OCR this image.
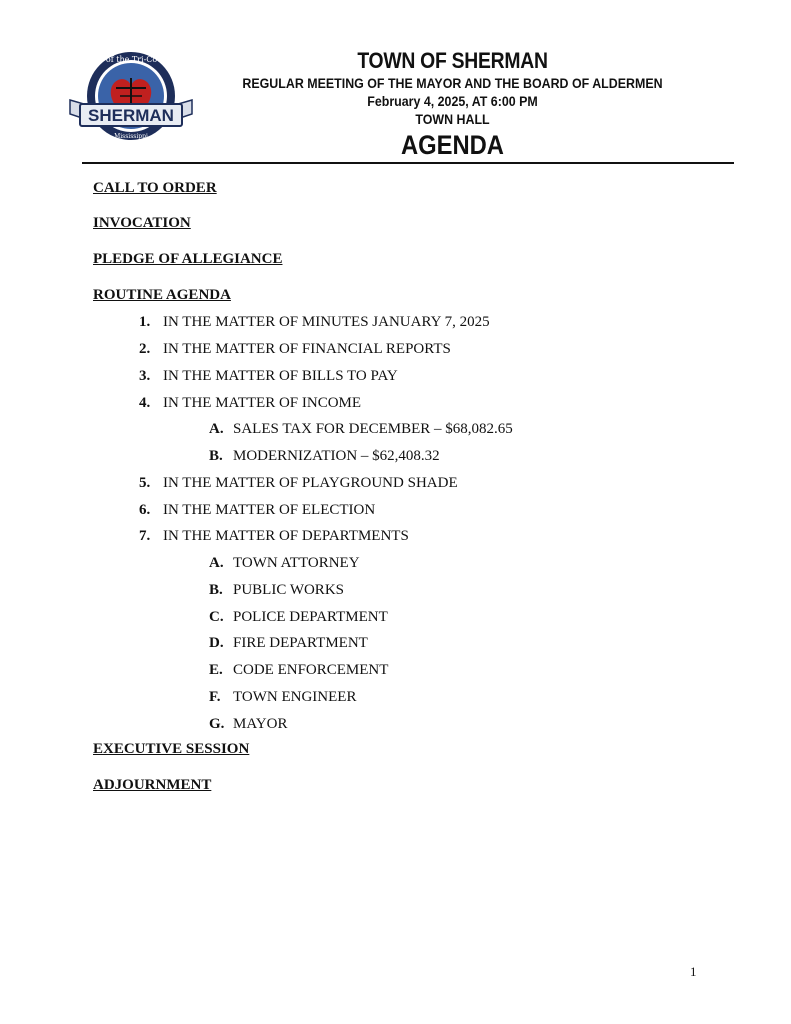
Heart of the Tri-Counties
SHERMAN
Mississippi
TOWN OF SHERMAN
REGULAR MEETING OF THE MAYOR AND THE BOARD OF ALDERMEN
February 4, 2025, AT 6:00 PM
TOWN HALL
AGENDA
CALL TO ORDER
INVOCATION
PLEDGE OF ALLEGIANCE
ROUTINE AGENDA
1. IN THE MATTER OF MINUTES JANUARY 7, 2025
2. IN THE MATTER OF FINANCIAL REPORTS
3. IN THE MATTER OF BILLS TO PAY
4. IN THE MATTER OF INCOME
A. SALES TAX FOR DECEMBER – $68,082.65
B. MODERNIZATION – $62,408.32
5. IN THE MATTER OF PLAYGROUND SHADE
6. IN THE MATTER OF ELECTION
7. IN THE MATTER OF DEPARTMENTS
A. TOWN ATTORNEY
B. PUBLIC WORKS
C. POLICE DEPARTMENT
D. FIRE DEPARTMENT
E. CODE ENFORCEMENT
F. TOWN ENGINEER
G. MAYOR
EXECUTIVE SESSION
ADJOURNMENT
1
